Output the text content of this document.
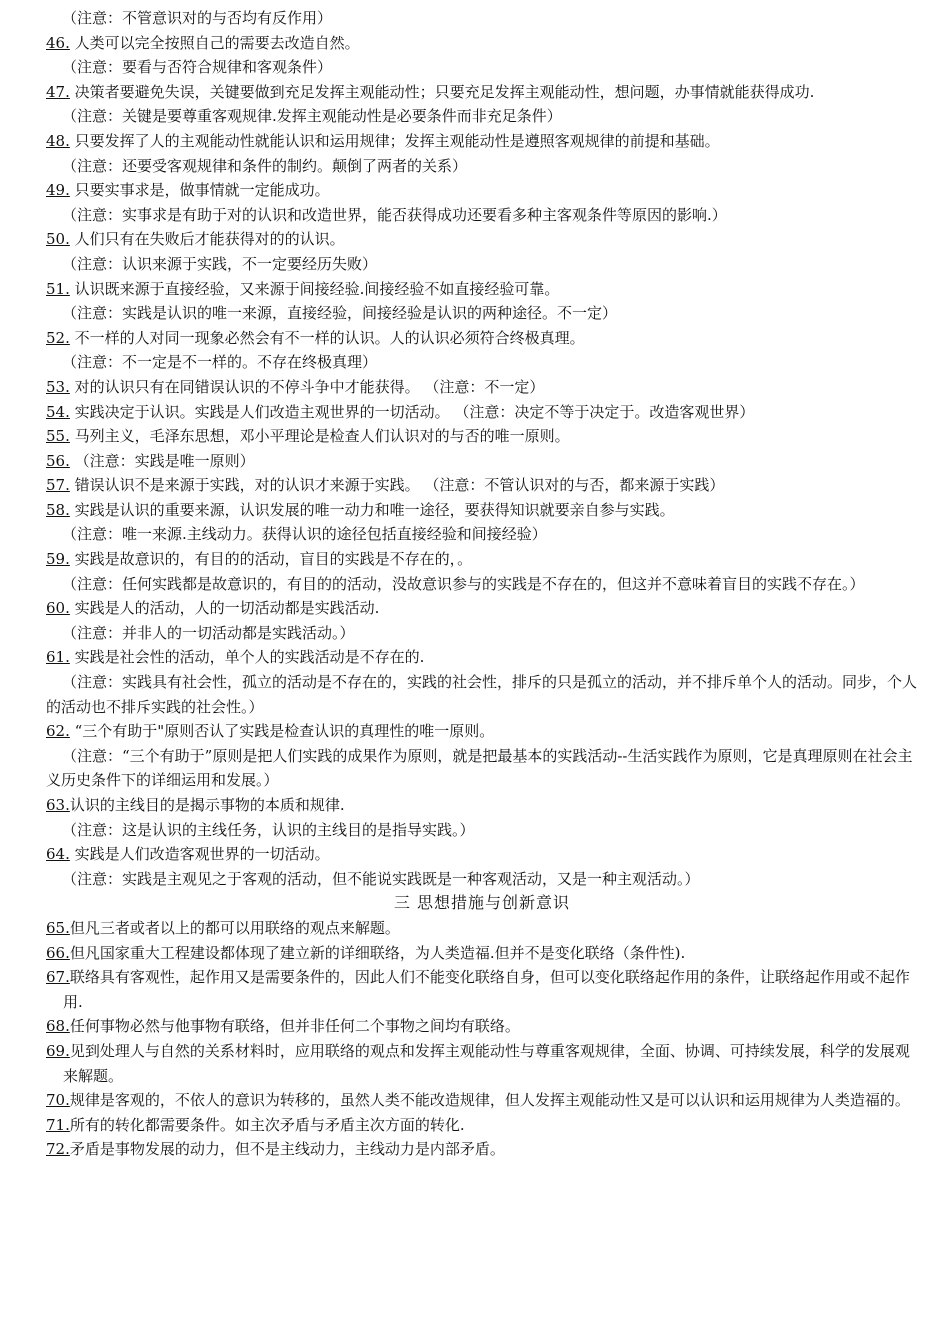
（注意：不管意识对的与否均有反作用）
46. 人类可以完全按照自己的需要去改造自然。
（注意：要看与否符合规律和客观条件）
47. 决策者要避免失误，关键要做到充足发挥主观能动性；只要充足发挥主观能动性，想问题，办事情就能获得成功.
（注意：关键是要尊重客观规律.发挥主观能动性是必要条件而非充足条件）
48. 只要发挥了人的主观能动性就能认识和运用规律；发挥主观能动性是遵照客观规律的前提和基础。
（注意：还要受客观规律和条件的制约。颠倒了两者的关系）
49. 只要实事求是，做事情就一定能成功。
（注意：实事求是有助于对的认识和改造世界，能否获得成功还要看多种主客观条件等原因的影响.）
50. 人们只有在失败后才能获得对的的认识。
（注意：认识来源于实践，不一定要经历失败）
51. 认识既来源于直接经验，又来源于间接经验.间接经验不如直接经验可靠。
（注意：实践是认识的唯一来源，直接经验，间接经验是认识的两种途径。不一定）
52. 不一样的人对同一现象必然会有不一样的认识。人的认识必须符合终极真理。
（注意：不一定是不一样的。不存在终极真理）
53. 对的认识只有在同错误认识的不停斗争中才能获得。 （注意：不一定）
54. 实践决定于认识。实践是人们改造主观世界的一切活动。 （注意：决定不等于决定于。改造客观世界）
55. 马列主义，毛泽东思想，邓小平理论是检查人们认识对的与否的唯一原则。
56. （注意：实践是唯一原则）
57. 错误认识不是来源于实践，对的认识才来源于实践。 （注意：不管认识对的与否，都来源于实践）
58. 实践是认识的重要来源，认识发展的唯一动力和唯一途径，要获得知识就要亲自参与实践。
（注意：唯一来源.主线动力。获得认识的途径包括直接经验和间接经验）
59. 实践是故意识的，有目的的活动，盲目的实践是不存在的，。
（注意：任何实践都是故意识的，有目的的活动，没故意识参与的实践是不存在的，但这并不意味着盲目的实践不存在。）
60. 实践是人的活动，人的一切活动都是实践活动.
（注意：并非人的一切活动都是实践活动。）
61. 实践是社会性的活动，单个人的实践活动是不存在的.
（注意：实践具有社会性，孤立的活动是不存在的，实践的社会性，排斥的只是孤立的活动，并不排斥单个人的活动。同步，个人的活动也不排斥实践的社会性。）
62. “三个有助于"原则否认了实践是检查认识的真理性的唯一原则。
（注意：“三个有助于”原则是把人们实践的成果作为原则，就是把最基本的实践活动--生活实践作为原则，它是真理原则在社会主义历史条件下的详细运用和发展。）
63.认识的主线目的是揭示事物的本质和规律.
（注意：这是认识的主线任务，认识的主线目的是指导实践。）
64. 实践是人们改造客观世界的一切活动。
（注意：实践是主观见之于客观的活动，但不能说实践既是一种客观活动，又是一种主观活动。）
三 思想措施与创新意识
65.但凡三者或者以上的都可以用联络的观点来解题。
66.但凡国家重大工程建设都体现了建立新的详细联络，为人类造福.但并不是变化联络（条件性).
67.联络具有客观性，起作用又是需要条件的，因此人们不能变化联络自身，但可以变化联络起作用的条件，让联络起作用或不起作用.
68.任何事物必然与他事物有联络，但并非任何二个事物之间均有联络。
69.见到处理人与自然的关系材料时，应用联络的观点和发挥主观能动性与尊重客观规律，全面、协调、可持续发展，科学的发展观来解题。
70.规律是客观的，不依人的意识为转移的，虽然人类不能改造规律，但人发挥主观能动性又是可以认识和运用规律为人类造福的。
71.所有的转化都需要条件。如主次矛盾与矛盾主次方面的转化.
72.矛盾是事物发展的动力，但不是主线动力，主线动力是内部矛盾。
